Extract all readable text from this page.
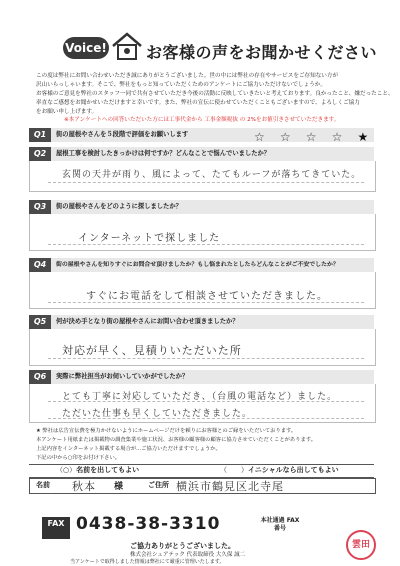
Voice! お客様の声をお聞かせください
この度は弊社にお問い合わせいただき誠にありがとうございました。世の中には弊社の存在やサービスをご存知ない方が
沢山いらっしゃいます。そこで、弊社をもっと知っていただくためのアンケートにご協力いただけないでしょうか。
お客様のご意見を弊社のスタッフ一同で共有させていただき今後の活動に反映していきたいと考えております。良かったこと、嫌だったこと、
率直なご感想をお聞かせいただけますと幸いです。また、弊社の宣伝に使わせていただくこともございますので、よろしくご協力
をお願い申し上げます。
※本アンケートへの回答いただいた方には工事代金から 工事金額税抜 の 2%をお値引きさせていただきます。
Q1	街の屋根やさんを５段階で評価をお願いします	☆ ☆ ☆ ☆ ★
Q2	屋根工事を検討したきっかけは何ですか？どんなことで悩んでいましたか？
玄関の天井が雨り、風によって、たてもルーフが落ちてきていた。
Q3	街の屋根やさんをどのように探しましたか？
インターネットで探しました
Q4	街の屋根やさんを知りすぐにお問合せ頂けましたか？もし悩まれたとしたらどんなことがご不安でしたか？
すぐにお電話をして相談させていただきました。
Q5	何が決め手となり街の屋根やさんにお問い合わせ頂きましたか？
対応が早く、見積りいただいた所
Q6	実際に弊社担当がお伺いしていかがでしたか？
とても丁寧に対応していただき、（台風の電話など）ました。
ただいた仕事も早くしていただきました。
★ 弊社は広告宣伝費を極力かけないようにホームページだけを頼りにお客様とのご縁をいただいております。
本アンケート用紙または掲載物の調査集業や施工状況、お客様の顧客様の顧客に協力させていただくことがあります。
上記内容をインターネット掲載する場合が...ご協力いただけますでしょうか。
下記の中から○印をお付け下さい。
（○）名前を出してもよい	（　　）イニシャルなら出してもよい
名前 秋本 様	ご住所 横浜市鶴見区北寺尾
FAX 0438-38-3310	本社通過 FAX番号
ご協力ありがとうございました。
株式会社シェアテック 代表取締役 大久保 誠二
当アンケートで取得しました情報は弊社にて厳重に管理いたします。
雲田
